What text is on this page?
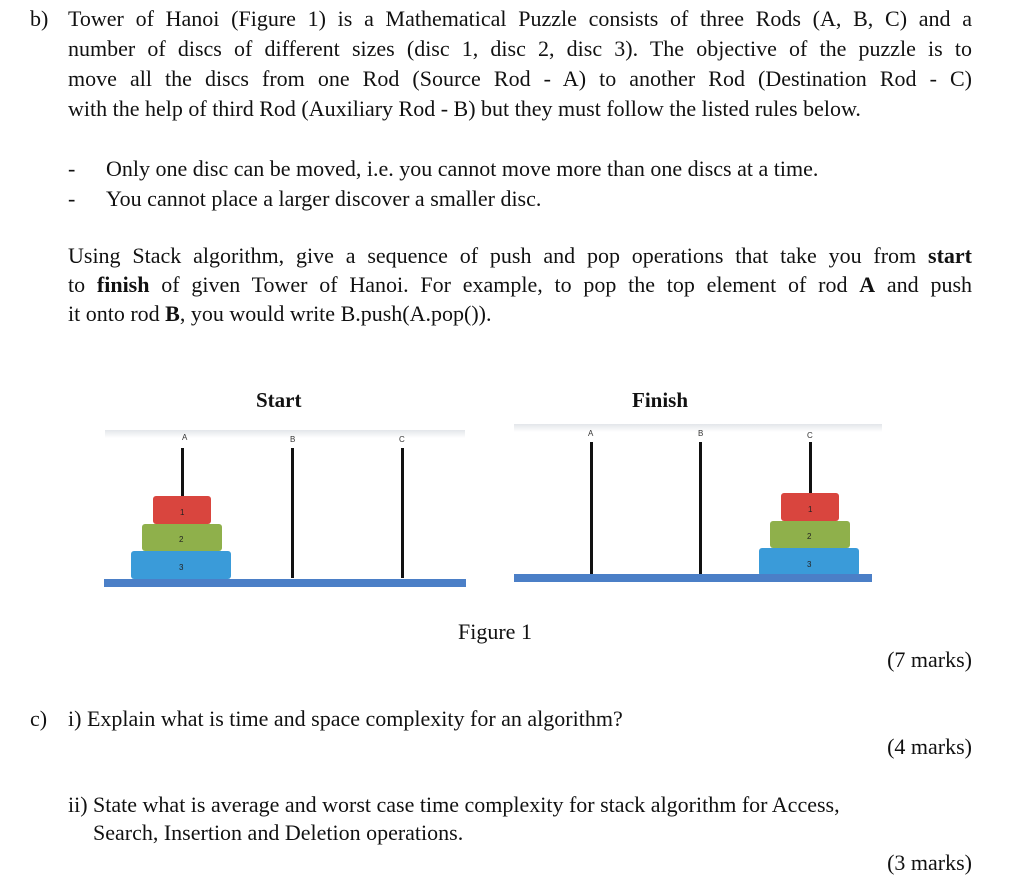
b) Tower of Hanoi (Figure 1) is a Mathematical Puzzle consists of three Rods (A, B, C) and a
number of discs of different sizes (disc 1, disc 2, disc 3). The objective of the puzzle is to
move all the discs from one Rod (Source Rod - A) to another Rod (Destination Rod - C)
with the help of third Rod (Auxiliary Rod - B) but they must follow the listed rules below.
- Only one disc can be moved, i.e. you cannot move more than one discs at a time.
- You cannot place a larger discover a smaller disc.
Using Stack algorithm, give a sequence of push and pop operations that take you from start
to finish of given Tower of Hanoi. For example, to pop the top element of rod A and push
it onto rod B, you would write B.push(A.pop()).
Start	Finish
A	B	C
1
2
3
A	B	C
1
2
3
Figure 1
(7 marks)
c) i) Explain what is time and space complexity for an algorithm?
(4 marks)
ii) State what is average and worst case time complexity for stack algorithm for Access,
Search, Insertion and Deletion operations.
(3 marks)
